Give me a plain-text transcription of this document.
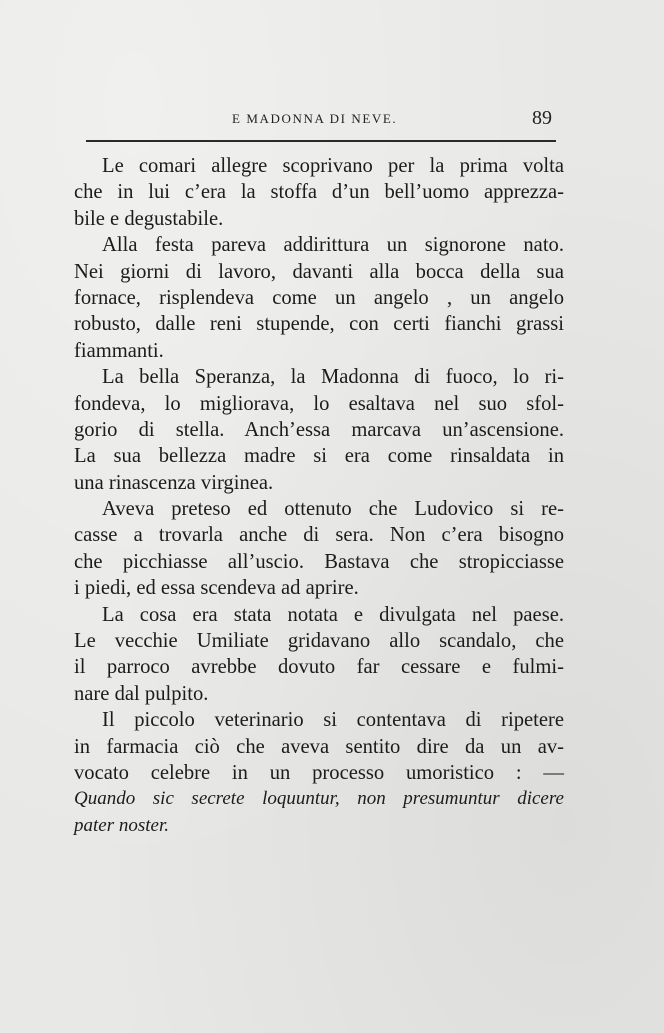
E MADONNA DI NEVE.	89
Le comari allegre scoprivano per la prima volta
che in lui c’era la stoffa d’un bell’uomo apprezza-
bile e degustabile.
Alla festa pareva addirittura un signorone nato.
Nei giorni di lavoro, davanti alla bocca della sua
fornace, risplendeva come un angelo , un angelo
robusto, dalle reni stupende, con certi fianchi grassi
fiammanti.
La bella Speranza, la Madonna di fuoco, lo ri-
fondeva, lo migliorava, lo esaltava nel suo sfol-
gorio di stella. Anch’essa marcava un’ascensione.
La sua bellezza madre si era come rinsaldata in
una rinascenza virginea.
Aveva preteso ed ottenuto che Ludovico si re-
casse a trovarla anche di sera. Non c’era bisogno
che picchiasse all’uscio. Bastava che stropicciasse
i piedi, ed essa scendeva ad aprire.
La cosa era stata notata e divulgata nel paese.
Le vecchie Umiliate gridavano allo scandalo, che
il parroco avrebbe dovuto far cessare e fulmi-
nare dal pulpito.
Il piccolo veterinario si contentava di ripetere
in farmacia ciò che aveva sentito dire da un av-
vocato celebre in un processo umoristico : —
Quando sic secrete loquuntur, non presumuntur dicere
pater noster.
